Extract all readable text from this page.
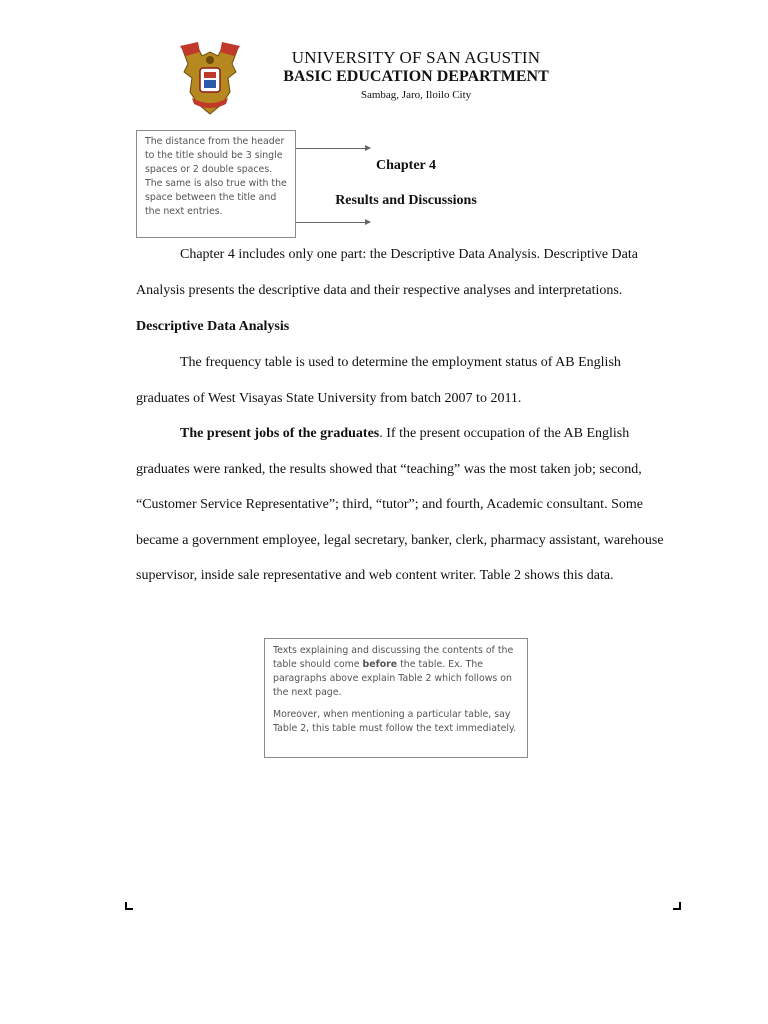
UNIVERSITY OF SAN AGUSTIN
BASIC EDUCATION DEPARTMENT
Sambag, Jaro, Iloilo City
The distance from the header to the title should be 3 single spaces or 2 double spaces. The same is also true with the space between the title and the next entries.
Chapter 4
Results and Discussions
Chapter 4 includes only one part: the Descriptive Data Analysis. Descriptive Data Analysis presents the descriptive data and their respective analyses and interpretations.
Descriptive Data Analysis
The frequency table is used to determine the employment status of AB English graduates of West Visayas State University from batch 2007 to 2011.
The present jobs of the graduates. If the present occupation of the AB English graduates were ranked, the results showed that “teaching” was the most taken job; second, “Customer Service Representative”; third, “tutor”; and fourth, Academic consultant. Some became a government employee, legal secretary, banker, clerk, pharmacy assistant, warehouse supervisor, inside sale representative and web content writer. Table 2 shows this data.

Texts explaining and discussing the contents of the table should come before the table. Ex. The paragraphs above explain Table 2 which follows on the next page.

Moreover, when mentioning a particular table, say Table 2, this table must follow the text immediately.
